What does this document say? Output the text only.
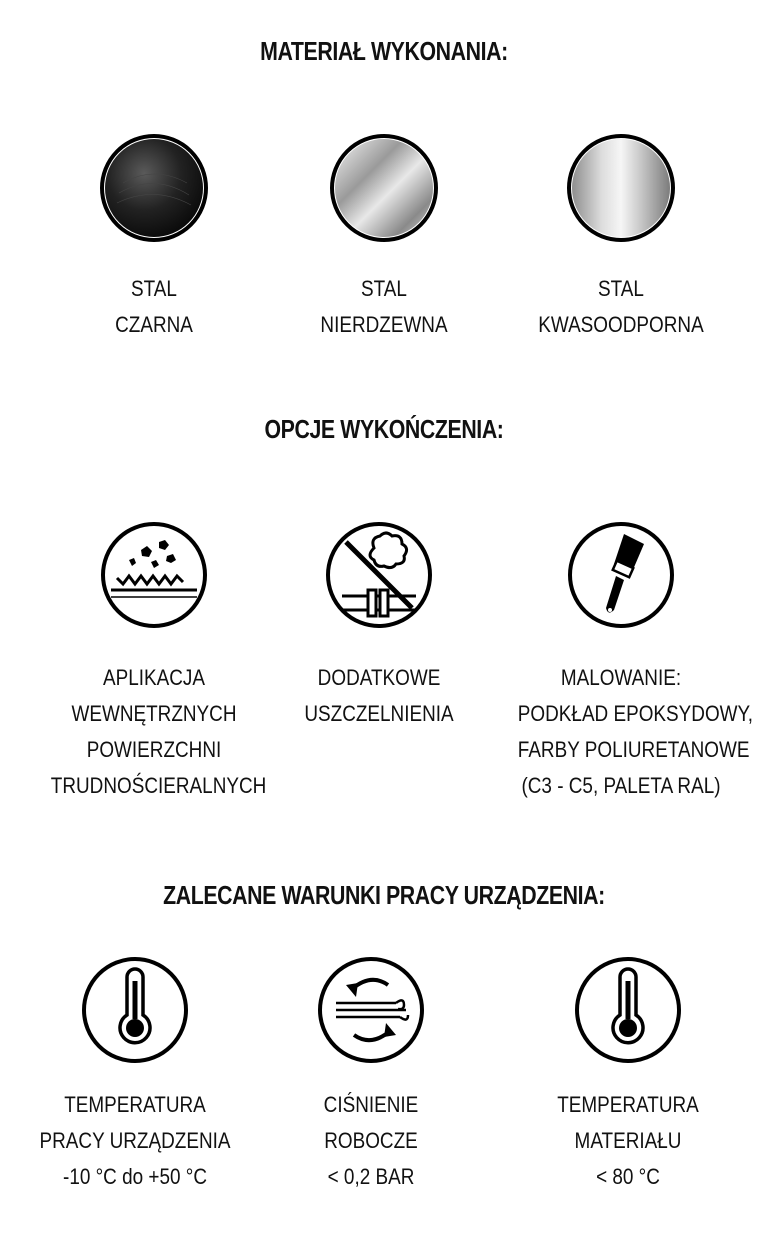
MATERIAŁ WYKONANIA:
STAL
CZARNA
STAL
NIERDZEWNA
STAL
KWASOODPORNA
OPCJE WYKOŃCZENIA:
APLIKACJA
WEWNĘTRZNYCH
POWIERZCHNI
TRUDNOŚCIERALNYCH
DODATKOWE
USZCZELNIENIA
MALOWANIE:
PODKŁAD EPOKSYDOWY,
FARBY POLIURETANOWE
(C3 - C5, PALETA RAL)
ZALECANE WARUNKI PRACY URZĄDZENIA:
TEMPERATURA
PRACY URZĄDZENIA
-10 °C do +50 °C
CIŚNIENIE
ROBOCZE
< 0,2 BAR
TEMPERATURA
MATERIAŁU
< 80 °C
